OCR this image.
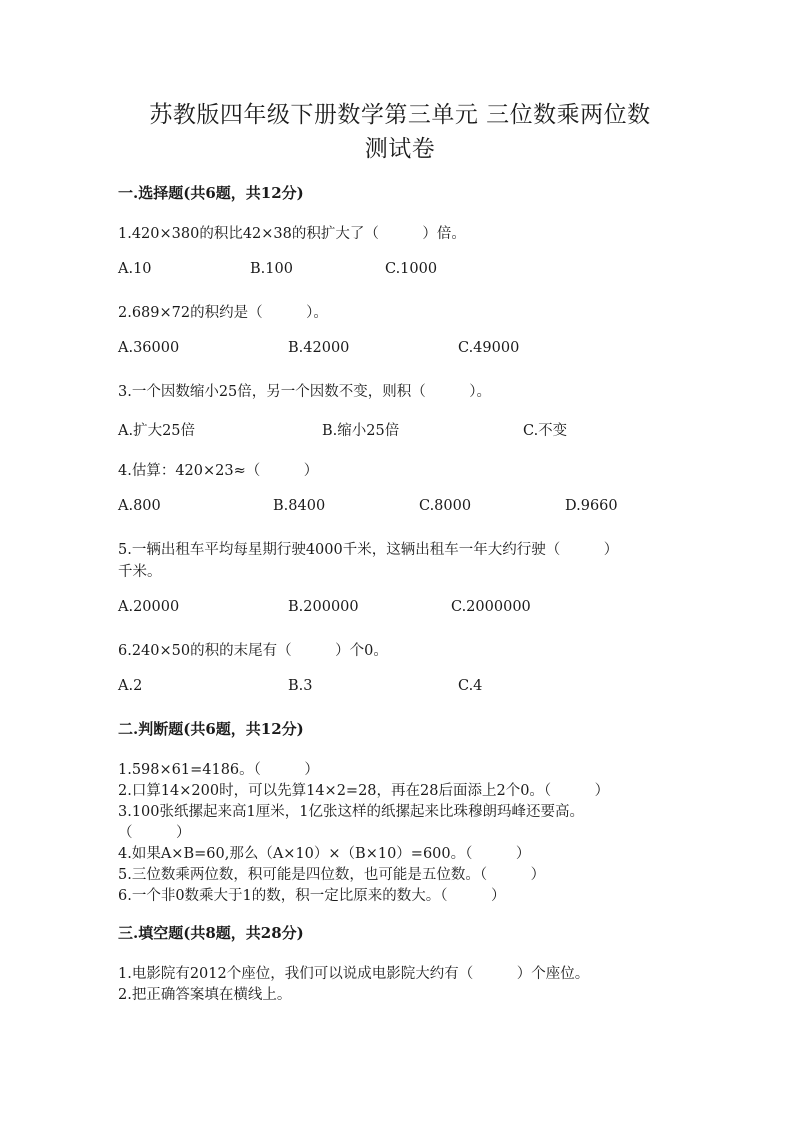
苏教版四年级下册数学第三单元 三位数乘两位数
测试卷
一.选择题(共6题，共12分)
1.420×380的积比42×38的积扩大了（　　　）倍。
A.10	B.100	C.1000
2.689×72的积约是（　　　）。
A.36000	B.42000	C.49000
3.一个因数缩小25倍，另一个因数不变，则积（　　　）。
A.扩大25倍	B.缩小25倍	C.不变
4.估算：420×23≈（　　　）
A.800	B.8400	C.8000	D.9660
5.一辆出租车平均每星期行驶4000千米，这辆出租车一年大约行驶（　　　）
千米。
A.20000	B.200000	C.2000000
6.240×50的积的末尾有（　　　）个0。
A.2	B.3	C.4
二.判断题(共6题，共12分)
1.598×61=4186。（　　　）
2.口算14×200时，可以先算14×2=28，再在28后面添上2个0。（　　　）
3.100张纸摞起来高1厘米，1亿张这样的纸摞起来比珠穆朗玛峰还要高。
（　　　）
4.如果A×B=60,那么（A×10）×（B×10）=600。（　　　）
5.三位数乘两位数，积可能是四位数，也可能是五位数。（　　　）
6.一个非0数乘大于1的数，积一定比原来的数大。（　　　）
三.填空题(共8题，共28分)
1.电影院有2012个座位，我们可以说成电影院大约有（　　　）个座位。
2.把正确答案填在横线上。
